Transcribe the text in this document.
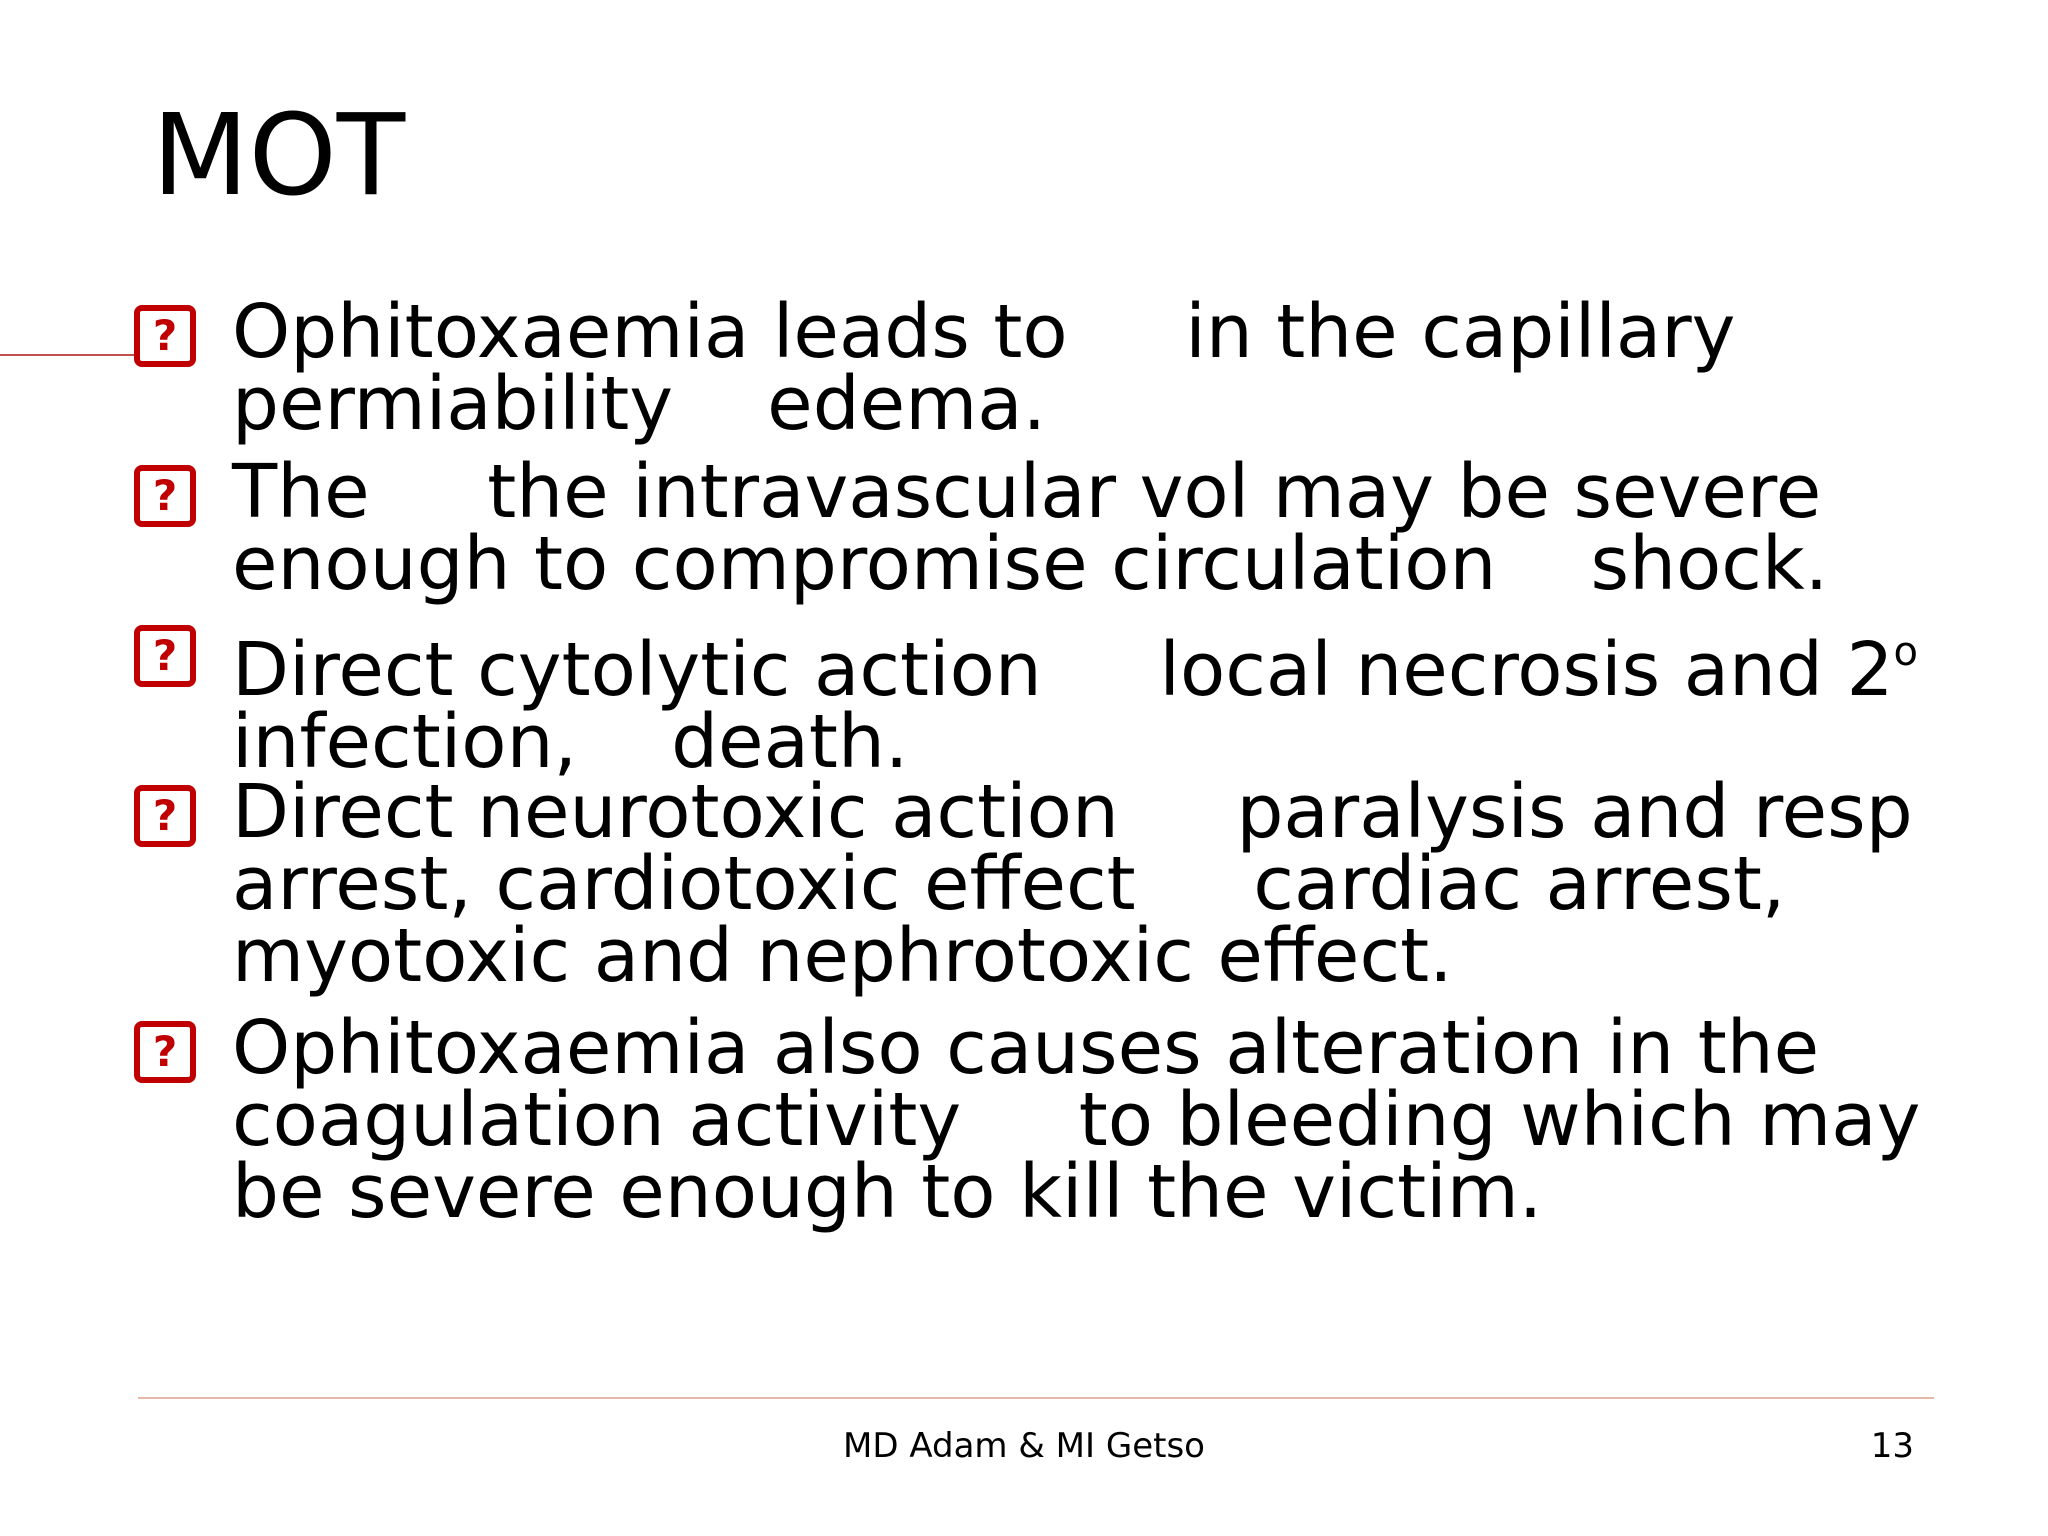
MOT
? Ophitoxaemia leads to     in the capillary
permiability    edema.
? The     the intravascular vol may be severe
enough to compromise circulation    shock.
? Direct cytolytic action     local necrosis and 2$^o$
infection,    death.
? Direct neurotoxic action     paralysis and resp
arrest, cardiotoxic effect     cardiac arrest,
myotoxic and nephrotoxic effect.
? Ophitoxaemia also causes alteration in the
coagulation activity     to bleeding which may
be severe enough to kill the victim.
MD Adam & MI Getso	13
